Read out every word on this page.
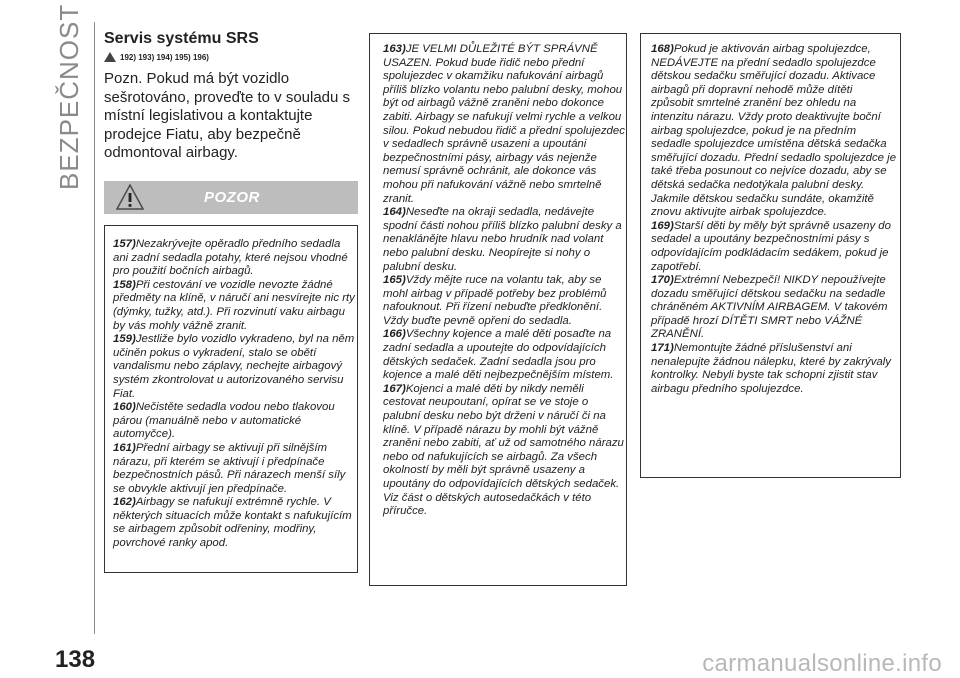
BEZPEČNOST Servis systému SRS
192) 193) 194) 195) 196)

Pozn. Pokud má být vozidlo sešrotováno, proveďte to v souladu s místní legislativou a kontaktujte prodejce Fiatu, aby bezpečně odmontoval airbagy.

POZOR

157)Nezakrývejte opěradlo předního sedadla ani zadní sedadla potahy, které nejsou vhodné pro použití bočních airbagů.

158)Při cestování ve vozidle nevozte žádné předměty na klíně, v náručí ani nesvírejte nic rty (dýmky, tužky, atd.). Při rozvinutí vaku airbagu by vás mohly vážně zranit.

159)Jestliže bylo vozidlo vykradeno, byl na něm učiněn pokus o vykradení, stalo se obětí vandalismu nebo záplavy, nechejte airbagový systém zkontrolovat u autorizovaného servisu Fiat.

160)Nečistěte sedadla vodou nebo tlakovou párou (manuálně nebo v automatické automyčce).

161)Přední airbagy se aktivují při silnějším nárazu, při kterém se aktivují i předpínače bezpečnostních pásů. Při nárazech menší síly se obvykle aktivují jen předpínače.

162)Airbagy se nafukují extrémně rychle. V některých situacích může kontakt s nafukujícím se airbagem způsobit odřeniny, modřiny, povrchové ranky apod.

163)JE VELMI DŮLEŽITÉ BÝT SPRÁVNĚ USAZEN. Pokud bude řidič nebo přední spolujezdec v okamžiku nafukování airbagů příliš blízko volantu nebo palubní desky, mohou být od airbagů vážně zraněni nebo dokonce zabiti. Airbagy se nafukují velmi rychle a velkou silou. Pokud nebudou řidič a přední spolujezdec v sedadlech správně usazeni a upoutáni bezpečnostními pásy, airbagy vás nejenže nemusí správně ochránit, ale dokonce vás mohou při nafukování vážně nebo smrtelně zranit.

164)Neseďte na okraji sedadla, nedávejte spodní části nohou příliš blízko palubní desky a nenaklánějte hlavu nebo hrudník nad volant nebo palubní desku. Neopírejte si nohy o palubní desku.

165)Vždy mějte ruce na volantu tak, aby se mohl airbag v případě potřeby bez problémů nafouknout. Při řízení nebuďte předklonění. Vždy buďte pevně opřeni do sedadla.

166)Všechny kojence a malé děti posaďte na zadní sedadla a upoutejte do odpovídajících dětských sedaček. Zadní sedadla jsou pro kojence a malé děti nejbezpečnějším místem.

167)Kojenci a malé děti by nikdy neměli cestovat neupoutaní, opírat se ve stoje o palubní desku nebo být drženi v náručí či na klíně. V případě nárazu by mohli být vážně zraněni nebo zabiti, ať už od samotného nárazu nebo od nafukujících se airbagů. Za všech okolností by měli být správně usazeny a upoutány do odpovídajících dětských sedaček. Viz část o dětských autosedačkách v této příručce.

168)Pokud je aktivován airbag spolujezdce, NEDÁVEJTE na přední sedadlo spolujezdce dětskou sedačku směřující dozadu. Aktivace airbagů při dopravní nehodě může dítěti způsobit smrtelné zranění bez ohledu na intenzitu nárazu. Vždy proto deaktivujte boční airbag spolujezdce, pokud je na předním sedadle spolujezdce umístěna dětská sedačka směřující dozadu. Přední sedadlo spolujezdce je také třeba posunout co nejvíce dozadu, aby se dětská sedačka nedotýkala palubní desky. Jakmile dětskou sedačku sundáte, okamžitě znovu aktivujte airbak spolujezdce.

169)Starší děti by měly být správně usazeny do sedadel a upoutány bezpečnostními pásy s odpovídajícím podkládacím sedákem, pokud je zapotřebí.

170)Extrémní Nebezpečí! NIKDY nepoužívejte dozadu směřující dětskou sedačku na sedadle chráněném AKTIVNÍM AIRBAGEM. V takovém případě hrozí DÍTĚTI SMRT nebo VÁŽNÉ ZRANĚNÍ.

171)Nemontujte žádné příslušenství ani nenalepujte žádnou nálepku, které by zakrývaly kontrolky. Nebyli byste tak schopni zjistit stav airbagu předního spolujezdce.

138	carmanualsonline.info
